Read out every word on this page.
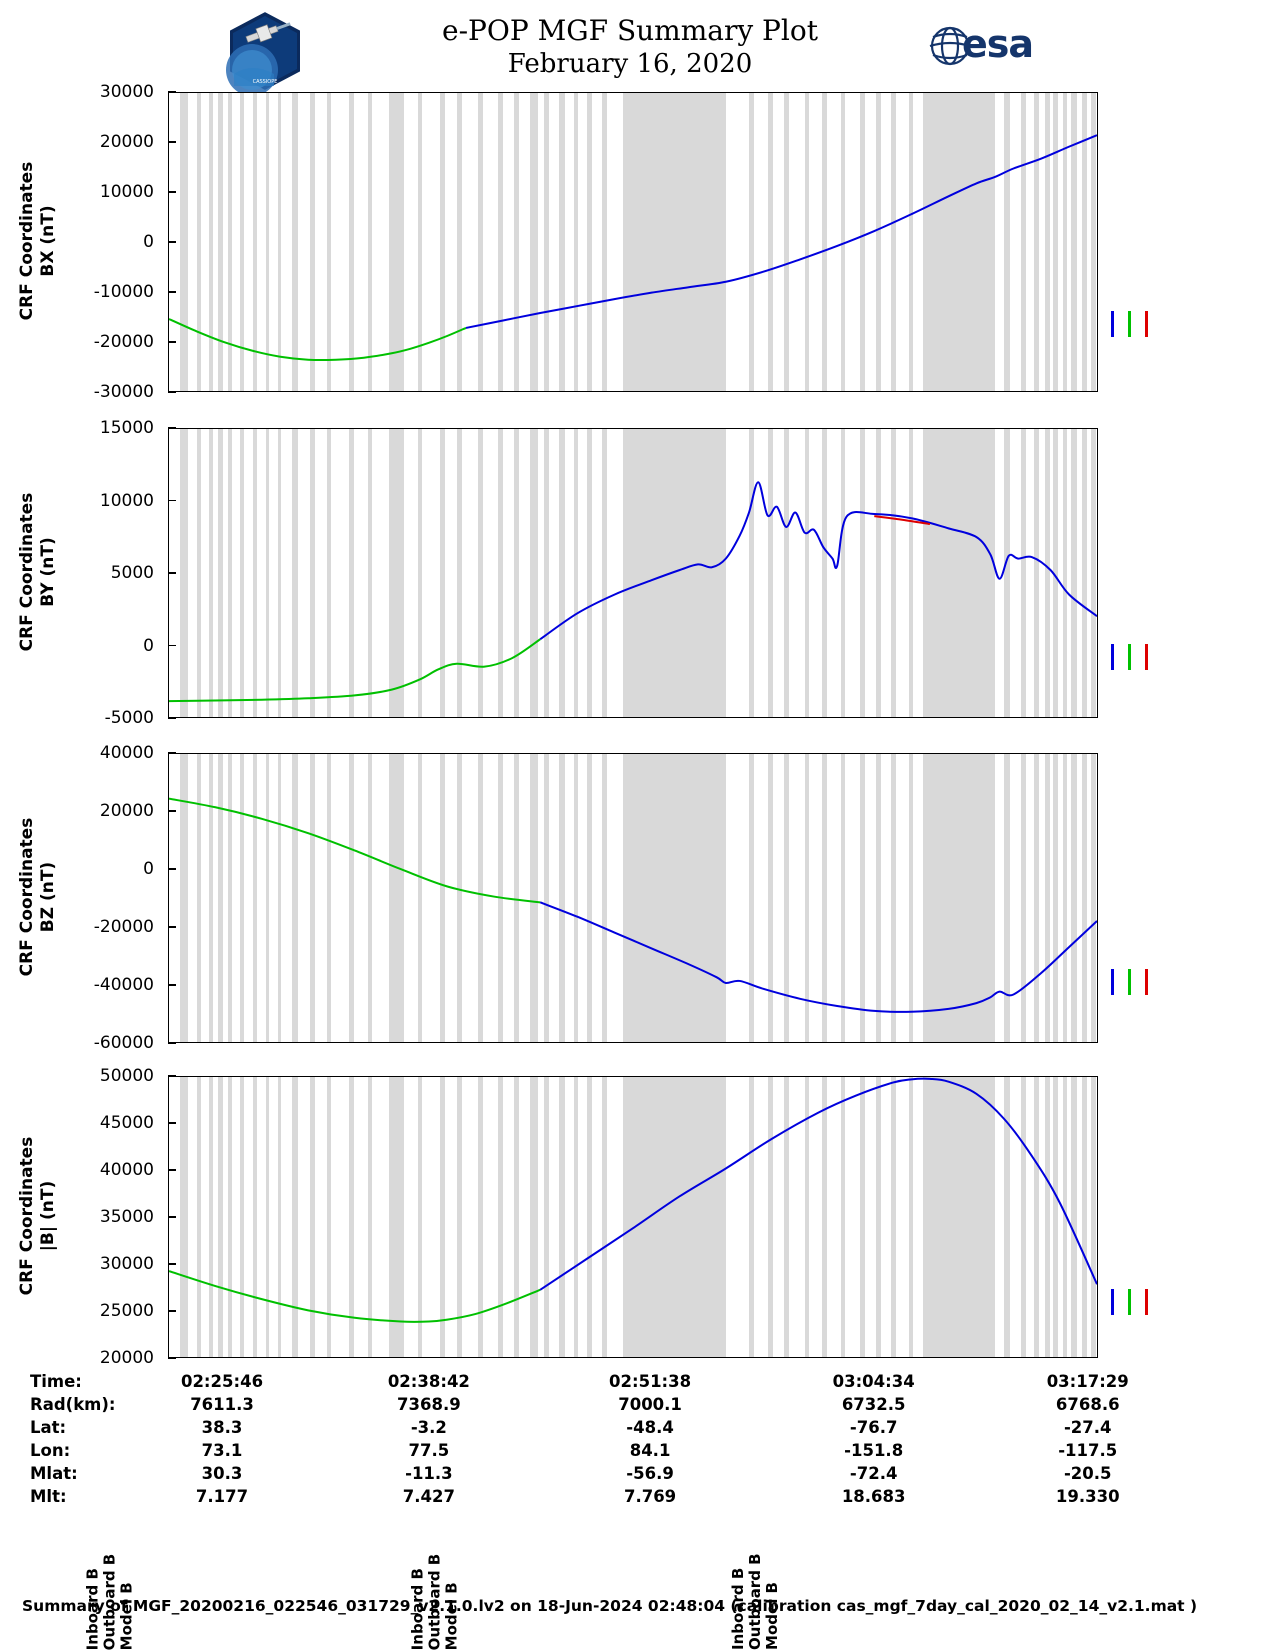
CASSIOPE
e-POP MGF Summary Plot
February 16, 2020	esa
-30000
-20000
-10000
0
10000
20000
30000
CRF Coordinates
BX (nT)
-5000
0
5000
10000
15000
CRF Coordinates
BY (nT)
Inboard B Outboard B Model B
-60000
-40000
-20000
0
20000
40000
CRF Coordinates
BZ (nT)
Inboard B Outboard B Model B
20000
25000
30000
35000
40000
45000
50000
CRF Coordinates
|B| (nT)
Inboard B Outboard B Model B
Time:	02:25:46	02:38:42	02:51:38	03:04:34	03:17:29
Rad(km):	7611.3	7368.9	7000.1	6732.5	6768.6
Lat:	38.3	-3.2	-48.4	-76.7	-27.4
Lon:	73.1	77.5	84.1	-151.8	-117.5
Mlat:	30.3	-11.3	-56.9	-72.4	-20.5
Mlt:	7.177	7.427	7.769	18.683	19.330
Summary of MGF_20200216_022546_031729_v2.1.0.lv2 on 18-Jun-2024 02:48:04 (calibration cas_mgf_7day_cal_2020_02_14_v2.1.mat )
